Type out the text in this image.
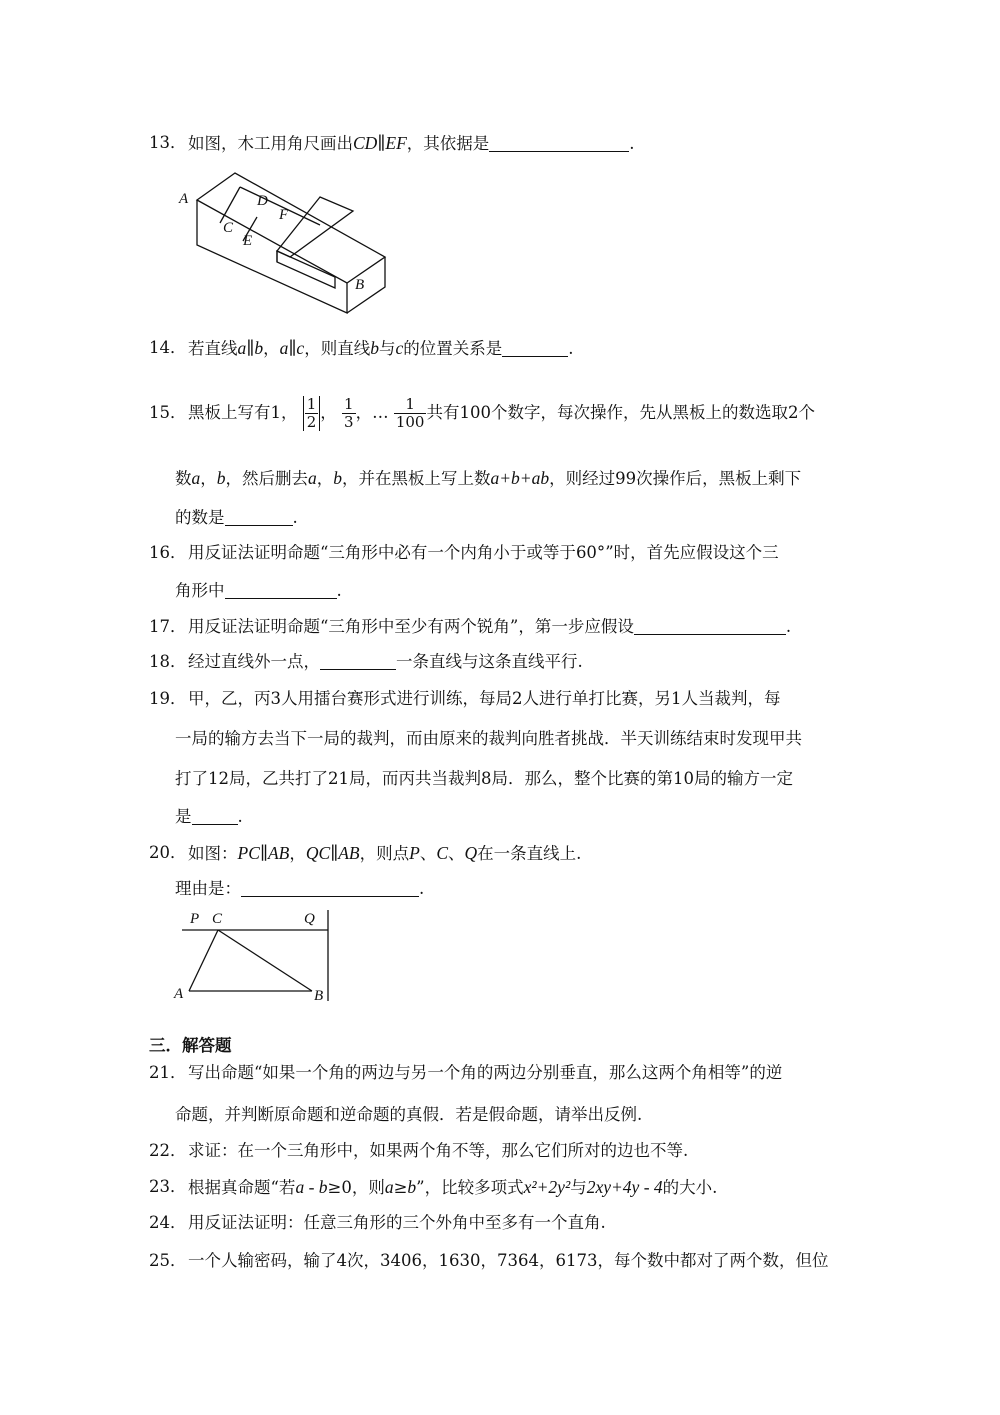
13． 如图，木工用角尺画出CD∥EF，其依据是	.
A
B
C
D
E
F
14． 若直线a∥b，a∥c，则直线b与c的位置关系是	.
15． 黑板上写有1， $\frac{1}{2}$ ， $\frac{1}{3}$ ，… $\frac{1}{100}$ 共有100个数字，每次操作，先从黑板上的数选取2个
数a，b，然后删去a，b，并在黑板上写上数a+b+ab，则经过99次操作后，黑板上剩下
的数是	.
16． 用反证法证明命题“三角形中必有一个内角小于或等于60°”时，首先应假设这个三
角形中	.
17． 用反证法证明命题“三角形中至少有两个锐角”，第一步应假设	.
18． 经过直线外一点，	一条直线与这条直线平行.
19． 甲，乙，丙3人用擂台赛形式进行训练，每局2人进行单打比赛，另1人当裁判，每
一局的输方去当下一局的裁判，而由原来的裁判向胜者挑战．半天训练结束时发现甲共
打了12局，乙共打了21局，而丙共当裁判8局．那么，整个比赛的第10局的输方一定
是	.
20． 如图：PC∥AB，QC∥AB，则点P、C、Q在一条直线上.
理由是：	.
P C	Q
A	B
三．解答题
21． 写出命题“如果一个角的两边与另一个角的两边分别垂直，那么这两个角相等”的逆
命题，并判断原命题和逆命题的真假．若是假命题，请举出反例.
22． 求证：在一个三角形中，如果两个角不等，那么它们所对的边也不等.
23． 根据真命题“若a - b≥0，则a≥b”，比较多项式x²+2y²与2xy+4y - 4的大小.
24． 用反证法证明：任意三角形的三个外角中至多有一个直角.
25． 一个人输密码，输了4次，3406，1630，7364，6173，每个数中都对了两个数，但位
